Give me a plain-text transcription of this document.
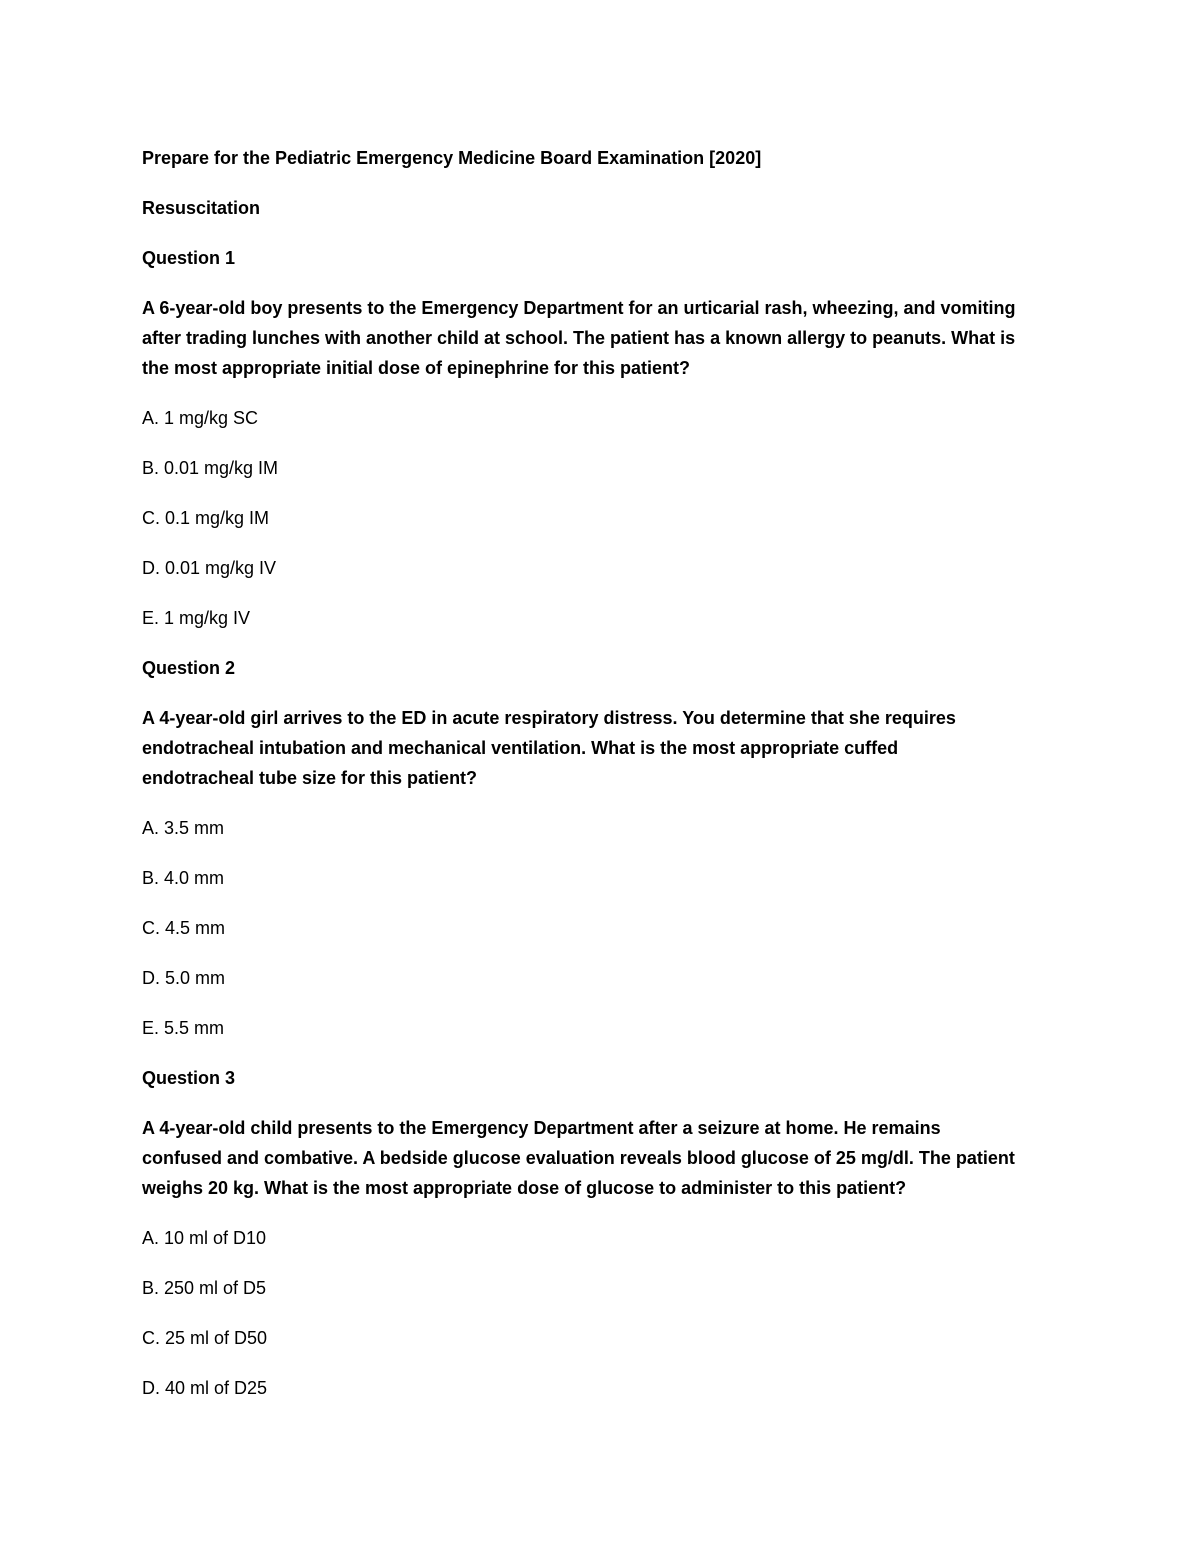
Prepare for the Pediatric Emergency Medicine Board Examination [2020]
Resuscitation
Question 1
A 6-year-old boy presents to the Emergency Department for an urticarial rash, wheezing, and vomiting
after trading lunches with another child at school. The patient has a known allergy to peanuts. What is
the most appropriate initial dose of epinephrine for this patient?
A. 1 mg/kg SC
B. 0.01 mg/kg IM
C. 0.1 mg/kg IM
D. 0.01 mg/kg IV
E. 1 mg/kg IV
Question 2
A 4-year-old girl arrives to the ED in acute respiratory distress. You determine that she requires
endotracheal intubation and mechanical ventilation. What is the most appropriate cuffed
endotracheal tube size for this patient?
A. 3.5 mm
B. 4.0 mm
C. 4.5 mm
D. 5.0 mm
E. 5.5 mm
Question 3
A 4-year-old child presents to the Emergency Department after a seizure at home. He remains
confused and combative. A bedside glucose evaluation reveals blood glucose of 25 mg/dl. The patient
weighs 20 kg. What is the most appropriate dose of glucose to administer to this patient?
A. 10 ml of D10
B. 250 ml of D5
C. 25 ml of D50
D. 40 ml of D25
